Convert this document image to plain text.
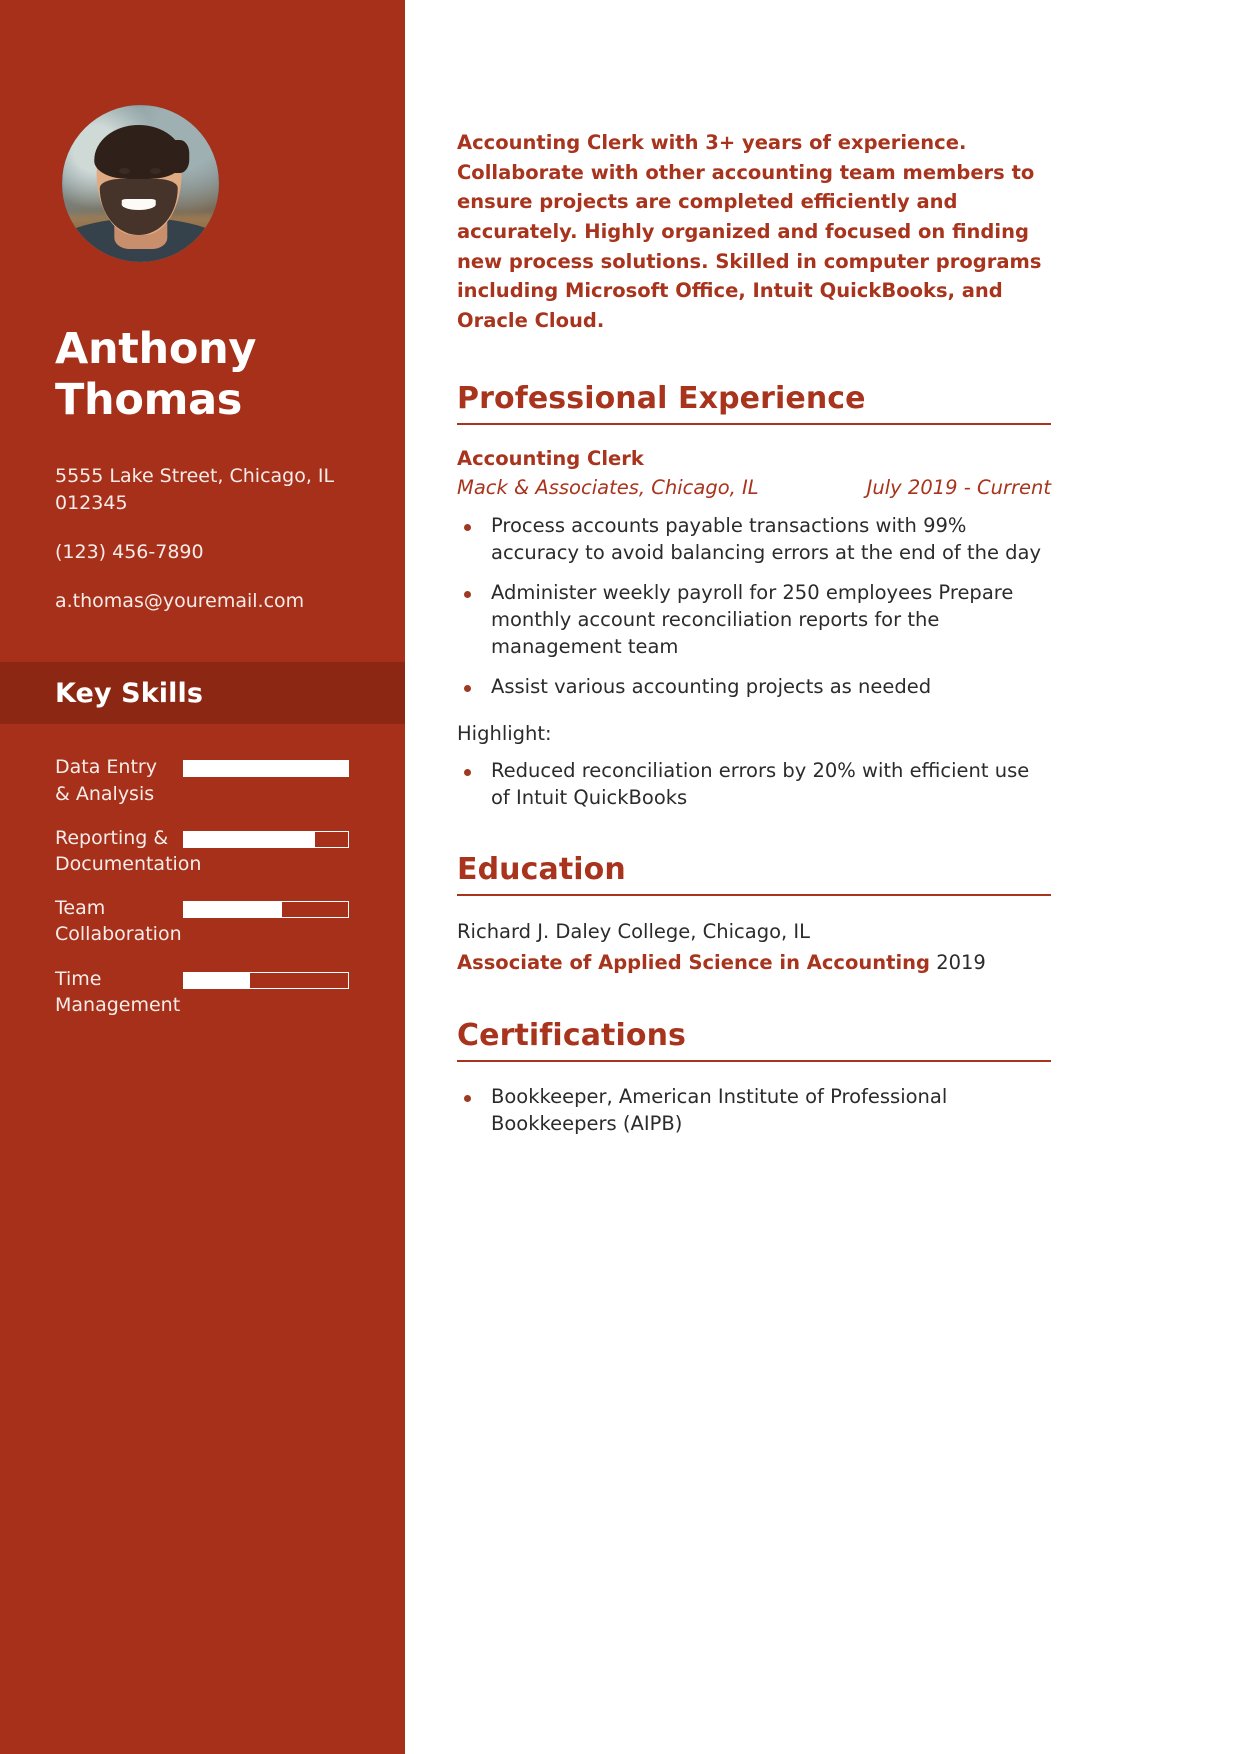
Anthony
Thomas
5555 Lake Street, Chicago, IL 012345
(123) 456-7890
a.thomas@youremail.com
Key Skills
Data Entry & Analysis
Reporting & Documentation
Team Collaboration
Time Management

Accounting Clerk with 3+ years of experience. Collaborate with other accounting team members to ensure projects are completed efficiently and accurately. Highly organized and focused on finding new process solutions. Skilled in computer programs including Microsoft Office, Intuit QuickBooks, and Oracle Cloud.

Professional Experience
Accounting Clerk
Mack & Associates, Chicago, IL	July 2019 - Current
Process accounts payable transactions with 99% accuracy to avoid balancing errors at the end of the day
Administer weekly payroll for 250 employees Prepare monthly account reconciliation reports for the management team
Assist various accounting projects as needed
Highlight:
Reduced reconciliation errors by 20% with efficient use of Intuit QuickBooks
Education
Richard J. Daley College, Chicago, IL
Associate of Applied Science in Accounting 2019
Certifications
Bookkeeper, American Institute of Professional Bookkeepers (AIPB)
